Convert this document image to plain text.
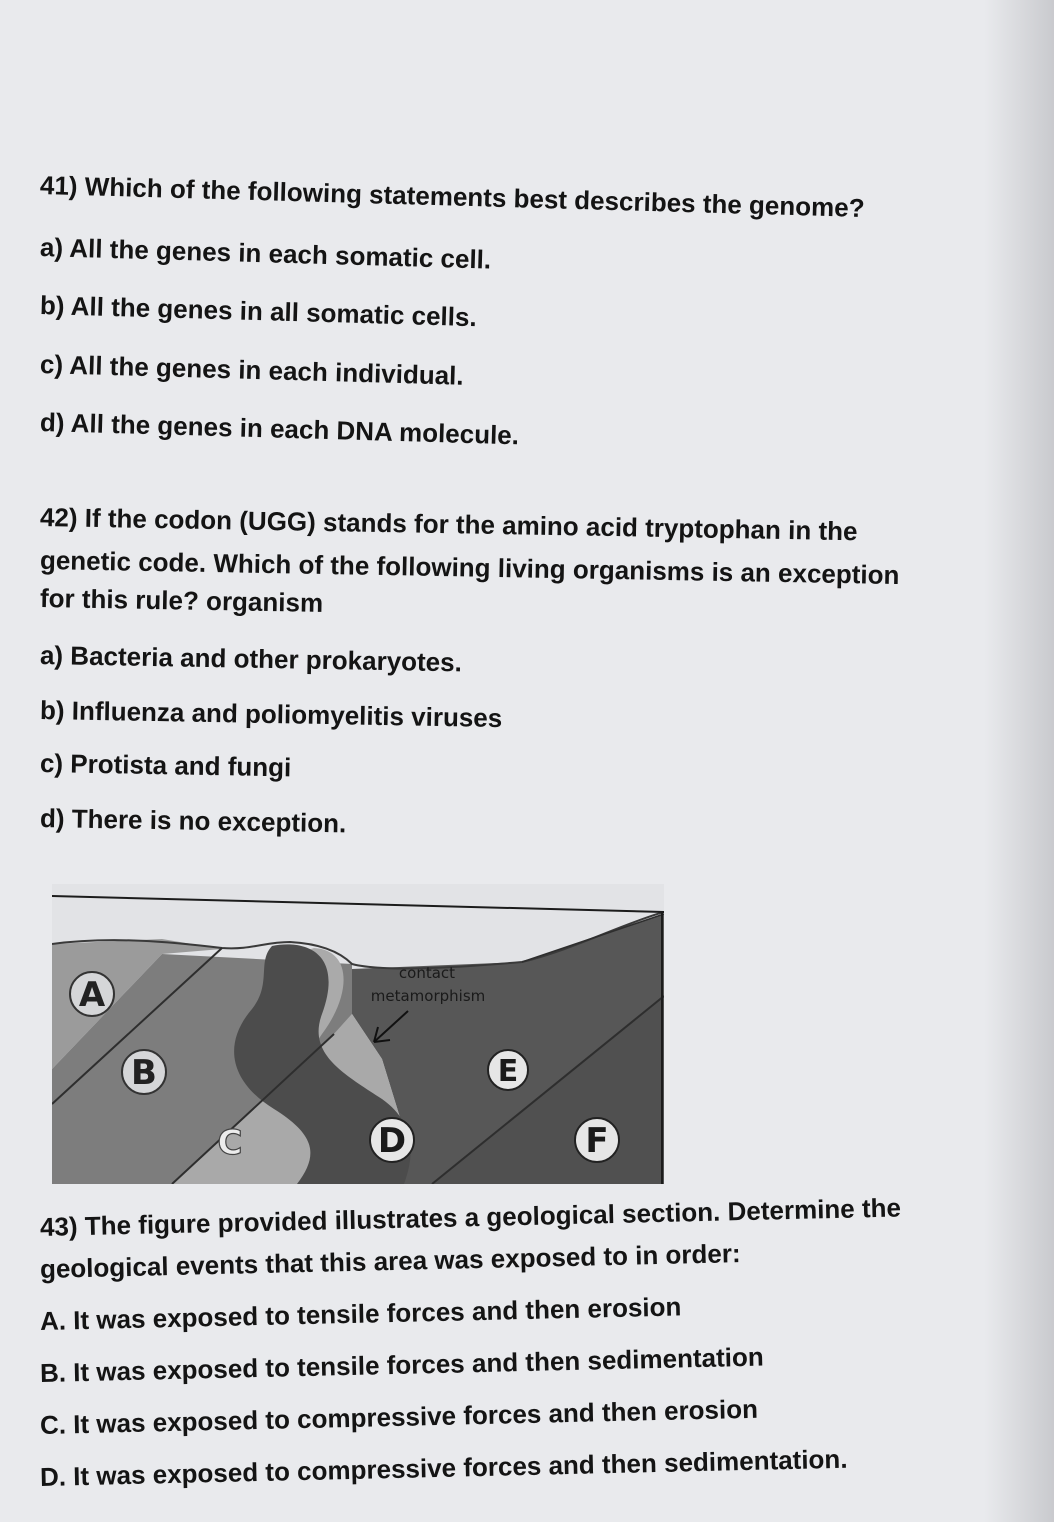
41) Which of the following statements best describes the genome?

a) All the genes in each somatic cell.

b) All the genes in all somatic cells.

c) All the genes in each individual.

d) All the genes in each DNA molecule.

42) If the codon (UGG) stands for the amino acid tryptophan in the

genetic code. Which of the following living organisms is an exception

for this rule? organism

a) Bacteria and other prokaryotes.

b) Influenza and poliomyelitis viruses

c) Protista and fungi

d) There is no exception.

contact
metamorphism
A
B
C	D
E
F

43) The figure provided illustrates a geological section. Determine the

geological events that this area was exposed to in order:

A. It was exposed to tensile forces and then erosion

B. It was exposed to tensile forces and then sedimentation

C. It was exposed to compressive forces and then erosion

D. It was exposed to compressive forces and then sedimentation.
